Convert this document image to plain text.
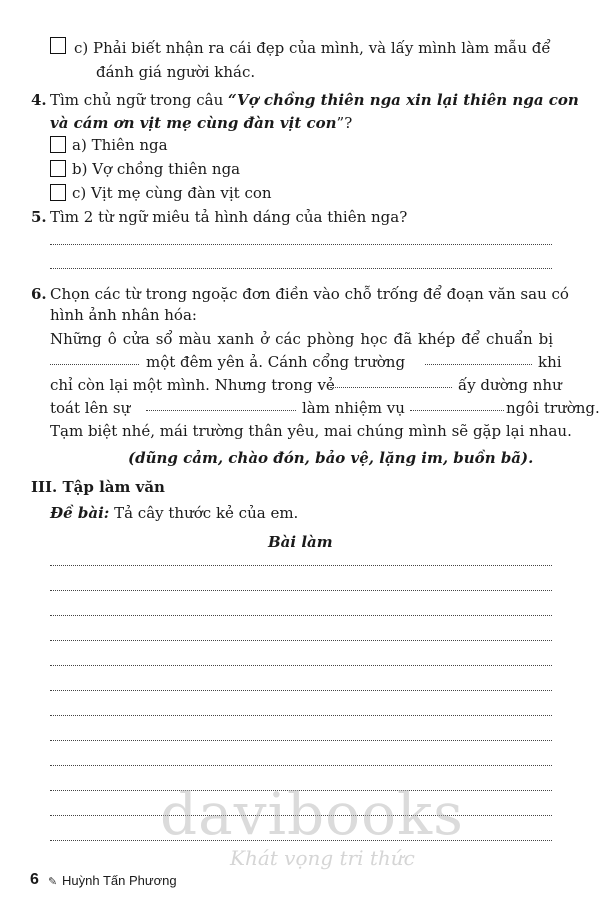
c) Phải biết nhận ra cái đẹp của mình, và lấy mình làm mẫu để
đánh giá người khác.
4. Tìm chủ ngữ trong câu “Vợ chồng thiên nga xin lại thiên nga con
và cám ơn vịt mẹ cùng đàn vịt con”?
a) Thiên nga
b) Vợ chồng thiên nga
c) Vịt mẹ cùng đàn vịt con
5. Tìm 2 từ ngữ miêu tả hình dáng của thiên nga?
6. Chọn các từ trong ngoặc đơn điền vào chỗ trống để đoạn văn sau có
hình ảnh nhân hóa:
Những ô cửa sổ màu xanh ở các phòng học đã khép để chuẩn bị
một đêm yên ả. Cánh cổng trường	khi
chỉ còn lại một mình. Nhưng trong vẻ	ấy dường như
toát lên sự	làm nhiệm vụ	ngôi trường.
Tạm biệt nhé, mái trường thân yêu, mai chúng mình sẽ gặp lại nhau.
(dũng cảm, chào đón, bảo vệ, lặng im, buồn bã).
III. Tập làm văn
Đề bài: Tả cây thước kẻ của em.
Bài làm
davibooks
Khát vọng tri thức
6 ✎ Huỳnh Tấn Phương
